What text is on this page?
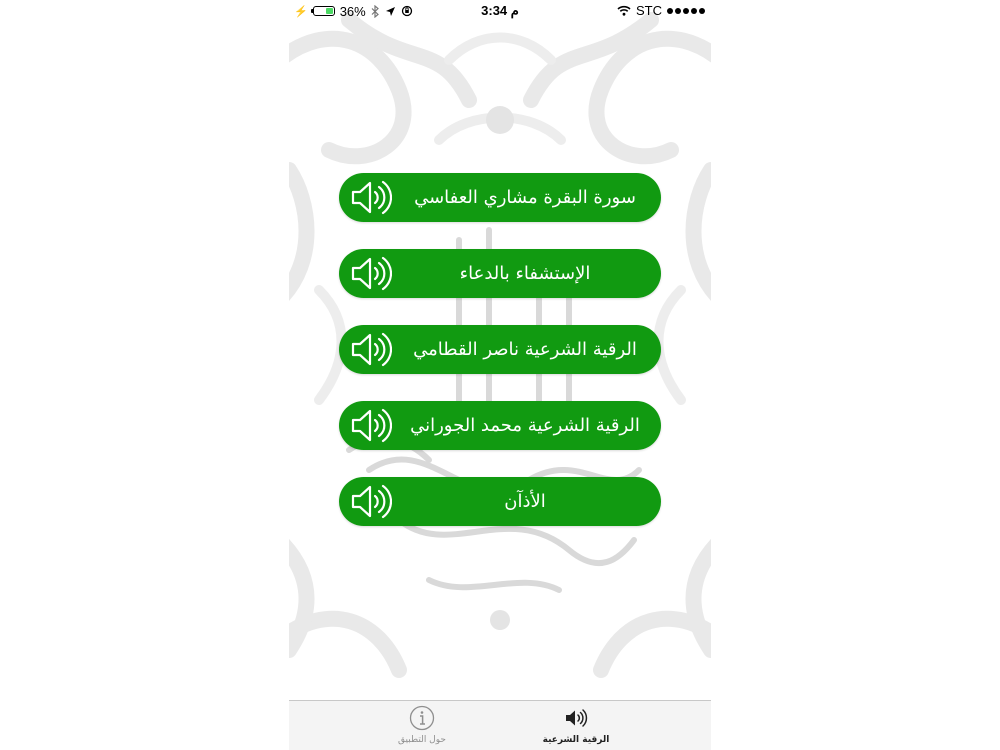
⚡ 36%	3:34 م	STC
سورة البقرة مشاري العفاسي
الإستشفاء بالدعاء
الرقية الشرعية ناصر القطامي
الرقية الشرعية محمد الجوراني
الأذآن
حول التطبيق	الرقية الشرعية
